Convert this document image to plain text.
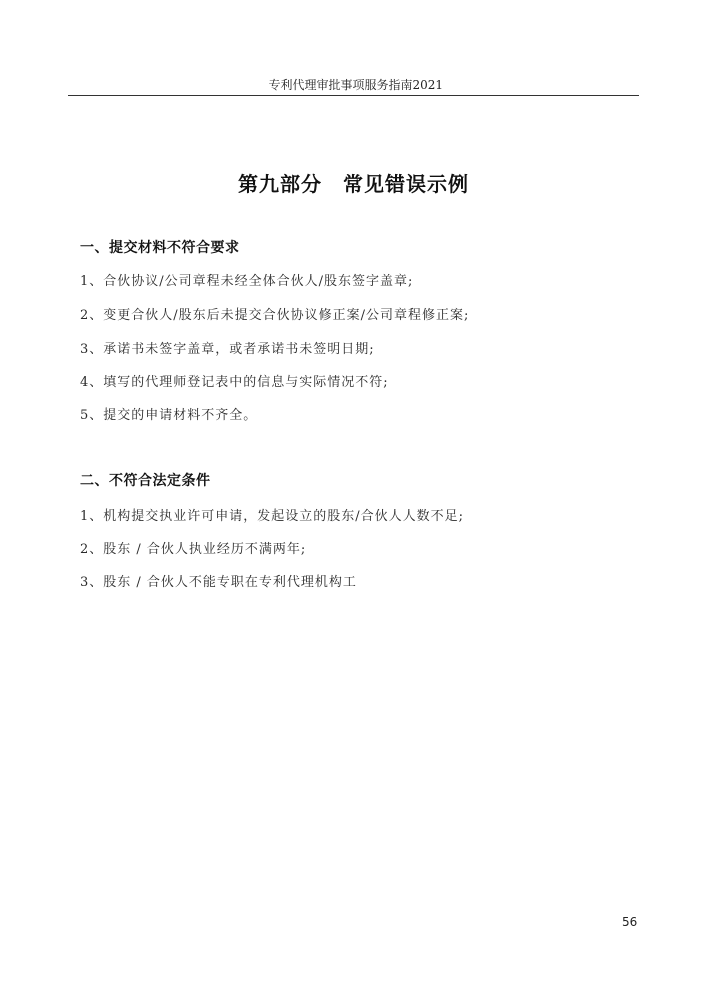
专利代理审批事项服务指南2021
第九部分　常见错误示例
一、提交材料不符合要求
1、合伙协议/公司章程未经全体合伙人/股东签字盖章;
2、变更合伙人/股东后未提交合伙协议修正案/公司章程修正案;
3、承诺书未签字盖章，或者承诺书未签明日期;
4、填写的代理师登记表中的信息与实际情况不符;
5、提交的申请材料不齐全。
二、不符合法定条件
1、机构提交执业许可申请，发起设立的股东/合伙人人数不足;
2、股东 / 合伙人执业经历不满两年;
3、股东 / 合伙人不能专职在专利代理机构工
56
